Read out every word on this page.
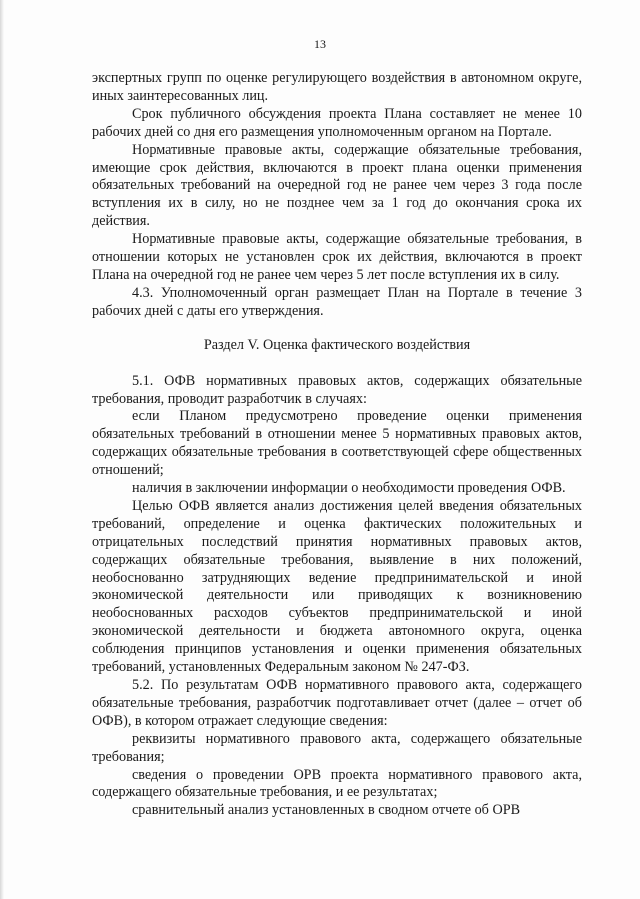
13

экспертных групп по оценке регулирующего воздействия в автономном округе, иных заинтересованных лиц.

Срок публичного обсуждения проекта Плана составляет не менее 10 рабочих дней со дня его размещения уполномоченным органом на Портале.

Нормативные правовые акты, содержащие обязательные требования, имеющие срок действия, включаются в проект плана оценки применения обязательных требований на очередной год не ранее чем через 3 года после вступления их в силу, но не позднее чем за 1 год до окончания срока их действия.

Нормативные правовые акты, содержащие обязательные требования, в отношении которых не установлен срок их действия, включаются в проект Плана на очередной год не ранее чем через 5 лет после вступления их в силу.

4.3. Уполномоченный орган размещает План на Портале в течение 3 рабочих дней с даты его утверждения.

Раздел V. Оценка фактического воздействия

5.1. ОФВ нормативных правовых актов, содержащих обязательные требования, проводит разработчик в случаях:

если Планом предусмотрено проведение оценки применения обязательных требований в отношении менее 5 нормативных правовых актов, содержащих обязательные требования в соответствующей сфере общественных отношений;

наличия в заключении информации о необходимости проведения ОФВ.

Целью ОФВ является анализ достижения целей введения обязательных требований, определение и оценка фактических положительных и отрицательных последствий принятия нормативных правовых актов, содержащих обязательные требования, выявление в них положений, необоснованно затрудняющих ведение предпринимательской и иной экономической деятельности или приводящих к возникновению необоснованных расходов субъектов предпринимательской и иной экономической деятельности и бюджета автономного округа, оценка соблюдения принципов установления и оценки применения обязательных требований, установленных Федеральным законом № 247-ФЗ.

5.2. По результатам ОФВ нормативного правового акта, содержащего обязательные требования, разработчик подготавливает отчет (далее – отчет об ОФВ), в котором отражает следующие сведения:

реквизиты нормативного правового акта, содержащего обязательные требования;

сведения о проведении ОРВ проекта нормативного правового акта, содержащего обязательные требования, и ее результатах;

сравнительный анализ установленных в сводном отчете об ОРВ
